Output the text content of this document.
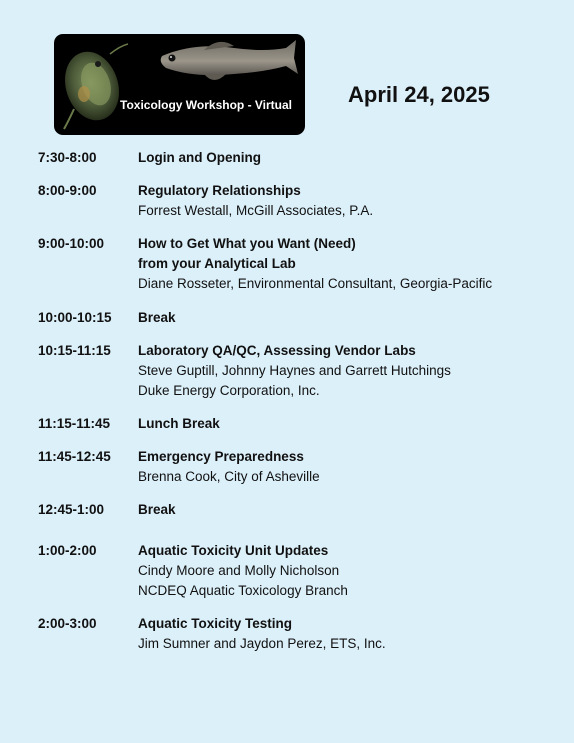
Toxicology Workshop - Virtual	April 24, 2025
7:30-8:00	Login and Opening
8:00-9:00	Regulatory Relationships
Forrest Westall, McGill Associates, P.A.
9:00-10:00	How to Get What you Want (Need)
from your Analytical Lab
Diane Rosseter, Environmental Consultant, Georgia-Pacific
10:00-10:15 Break
10:15-11:15 Laboratory QA/QC, Assessing Vendor Labs
Steve Guptill, Johnny Haynes and Garrett Hutchings
Duke Energy Corporation, Inc.
11:15-11:45 Lunch Break
11:45-12:45 Emergency Preparedness
Brenna Cook, City of Asheville
12:45-1:00	Break
1:00-2:00	Aquatic Toxicity Unit Updates
Cindy Moore and Molly Nicholson
NCDEQ Aquatic Toxicology Branch
2:00-3:00	Aquatic Toxicity Testing
Jim Sumner and Jaydon Perez, ETS, Inc.
